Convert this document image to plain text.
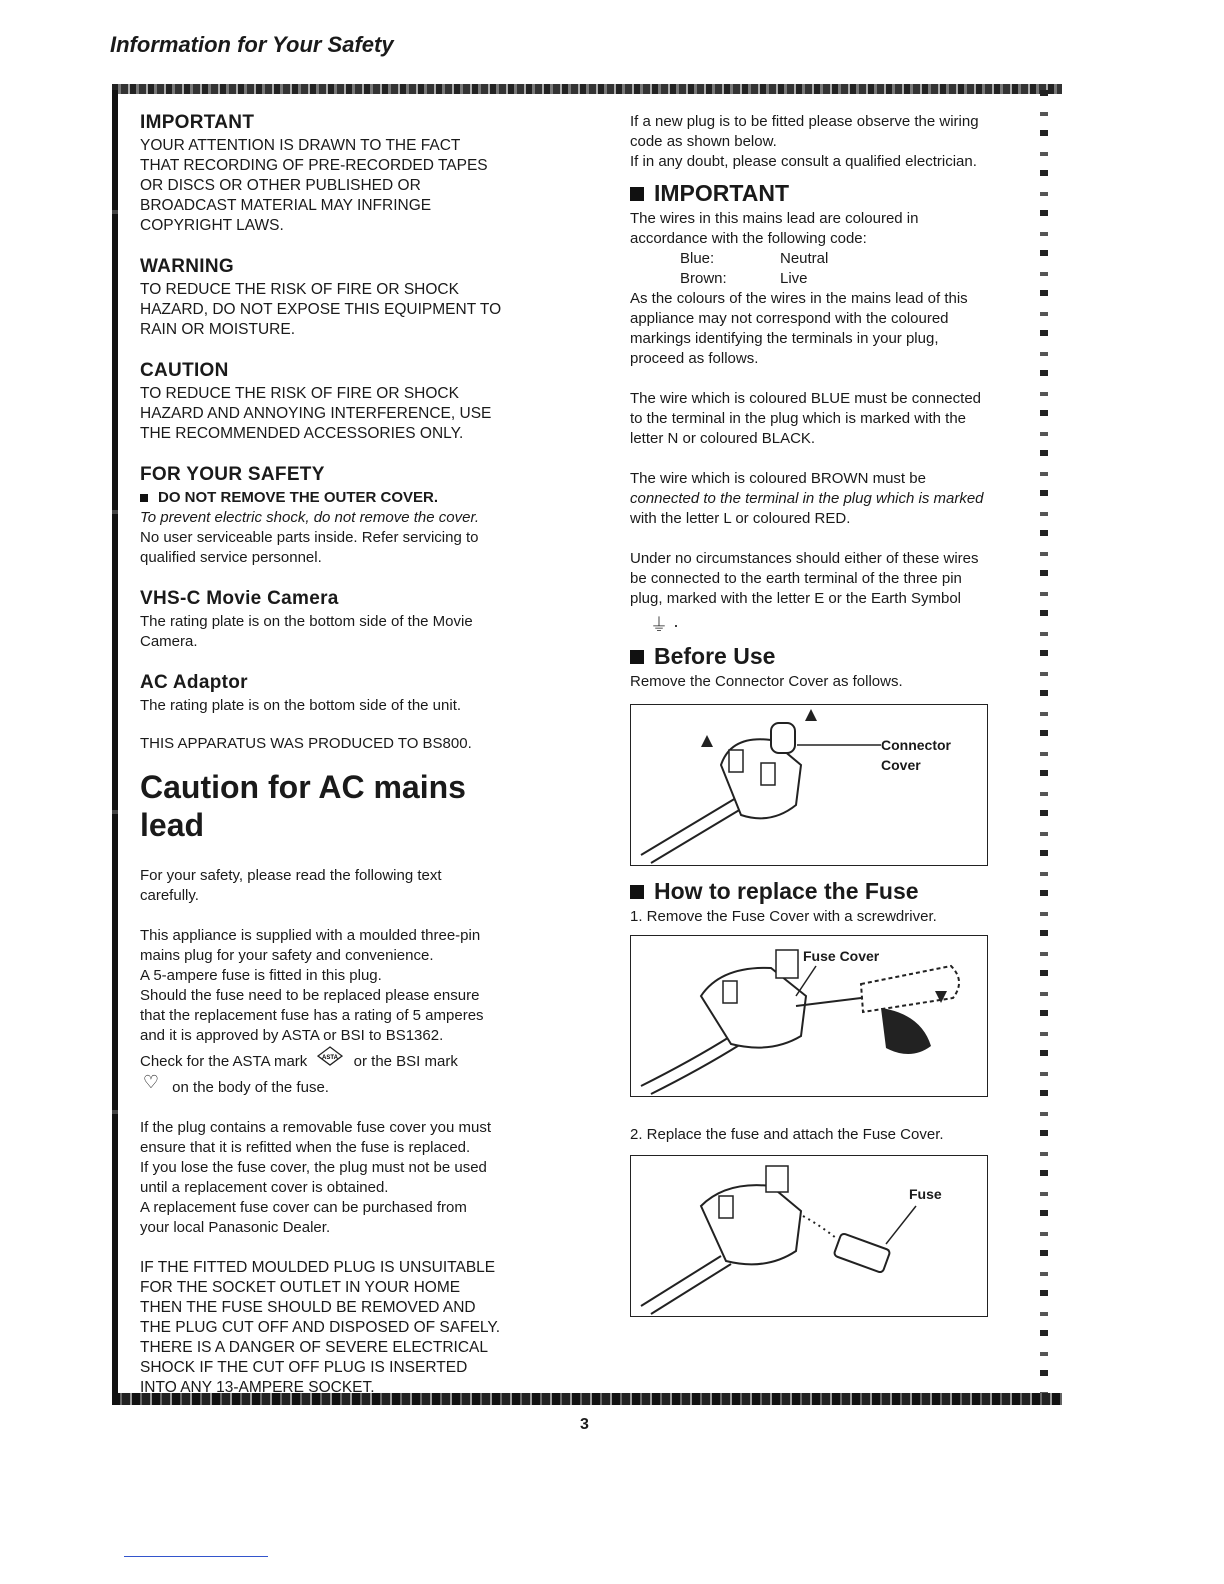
Information for Your Safety
IMPORTANT

YOUR ATTENTION IS DRAWN TO THE FACT

THAT RECORDING OF PRE-RECORDED TAPES

OR DISCS OR OTHER PUBLISHED OR

BROADCAST MATERIAL MAY INFRINGE

COPYRIGHT LAWS.

WARNING

TO REDUCE THE RISK OF FIRE OR SHOCK

HAZARD, DO NOT EXPOSE THIS EQUIPMENT TO

RAIN OR MOISTURE.

CAUTION

TO REDUCE THE RISK OF FIRE OR SHOCK

HAZARD AND ANNOYING INTERFERENCE, USE

THE RECOMMENDED ACCESSORIES ONLY.

FOR YOUR SAFETY

DO NOT REMOVE THE OUTER COVER.

To prevent electric shock, do not remove the cover.

No user serviceable parts inside. Refer servicing to

qualified service personnel.

VHS-C Movie Camera

The rating plate is on the bottom side of the Movie

Camera.

AC Adaptor

The rating plate is on the bottom side of the unit.

THIS APPARATUS WAS PRODUCED TO BS800.

Caution for AC mains
lead

For your safety, please read the following text

carefully.

This appliance is supplied with a moulded three-pin

mains plug for your safety and convenience.

A 5-ampere fuse is fitted in this plug.

Should the fuse need to be replaced please ensure

that the replacement fuse has a rating of 5 amperes

and it is approved by ASTA or BSI to BS1362.

Check for the ASTA mark	ASTA or the BSI mark

♡ on the body of the fuse.

If the plug contains a removable fuse cover you must

ensure that it is refitted when the fuse is replaced.

If you lose the fuse cover, the plug must not be used

until a replacement cover is obtained.

A replacement fuse cover can be purchased from

your local Panasonic Dealer.

IF THE FITTED MOULDED PLUG IS UNSUITABLE

FOR THE SOCKET OUTLET IN YOUR HOME

THEN THE FUSE SHOULD BE REMOVED AND

THE PLUG CUT OFF AND DISPOSED OF SAFELY.

THERE IS A DANGER OF SEVERE ELECTRICAL

SHOCK IF THE CUT OFF PLUG IS INSERTED

INTO ANY 13-AMPERE SOCKET.

If a new plug is to be fitted please observe the wiring

code as shown below.

If in any doubt, please consult a qualified electrician.

IMPORTANT

The wires in this mains lead are coloured in

accordance with the following code:

Blue:	Neutral
Brown:	Live

As the colours of the wires in the mains lead of this

appliance may not correspond with the coloured

markings identifying the terminals in your plug,

proceed as follows.

The wire which is coloured BLUE must be connected

to the terminal in the plug which is marked with the

letter N or coloured BLACK.

The wire which is coloured BROWN must be

connected to the terminal in the plug which is marked

with the letter L or coloured RED.

Under no circumstances should either of these wires

be connected to the earth terminal of the three pin

plug, marked with the letter E or the Earth Symbol

⏚ ·
Before Use

Remove the Connector Cover as follows.

Connector
Cover
How to replace the Fuse

1. Remove the Fuse Cover with a screwdriver.

Fuse Cover

2. Replace the fuse and attach the Fuse Cover.

Fuse
3
